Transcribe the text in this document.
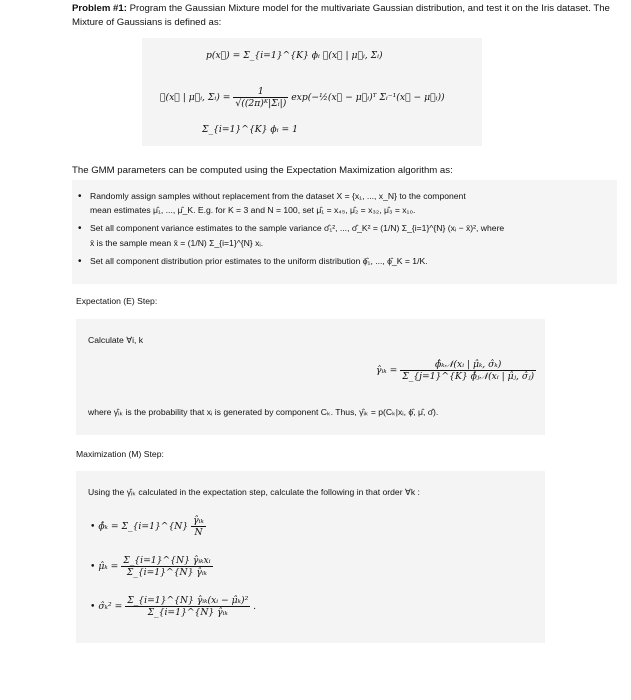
Problem #1: Program the Gaussian Mixture model for the multivariate Gaussian distribution, and test it on the Iris dataset. The Mixture of Gaussians is defined as:
p(x⃗) = Σ_{i=1}^{K} ϕᵢ 𝒩(x⃗ | μ⃗ᵢ, Σᵢ)
𝒩(x⃗ | μ⃗ᵢ, Σᵢ) = $\frac{1}{\text{√((2π)ᴷ|Σᵢ|)}}$ exp(−½(x⃗ − μ⃗ᵢ)ᵀ Σᵢ⁻¹(x⃗ − μ⃗ᵢ))
Σ_{i=1}^{K} ϕᵢ = 1
The GMM parameters can be computed using the Expectation Maximization algorithm as:
• Randomly assign samples without replacement from the dataset X = {x₁, ..., x_N} to the component
mean estimates μ̂₁, ..., μ̂_K. E.g. for K = 3 and N = 100, set μ̂₁ = x₄₅, μ̂₂ = x₃₂, μ̂₃ = x₁₀.
• Set all component variance estimates to the sample variance σ̂₁², ..., σ̂_K² = (1/N) Σ_{i=1}^{N} (xᵢ − x̄)², where
x̄ is the sample mean x̄ = (1/N) Σ_{i=1}^{N} xᵢ.
• Set all component distribution prior estimates to the uniform distribution ϕ̂₁, ..., ϕ̂_K = 1/K.
Expectation (E) Step:
Calculate ∀i, k
γ̂ᵢₖ = $\frac{\text{ϕ̂ₖ𝒩(xᵢ | μ̂ₖ, σ̂ₖ)}}{\text{Σ\_\{j=1\}\textasciicircum{}\{K\} ϕ̂ⱼ𝒩(xᵢ | μ̂ⱼ, σ̂ⱼ)}}$
where γ̂ᵢₖ is the probability that xᵢ is generated by component Cₖ. Thus, γ̂ᵢₖ = p(Cₖ|xᵢ, ϕ̂, μ̂, σ̂).
Maximization (M) Step:
Using the γ̂ᵢₖ calculated in the expectation step, calculate the following in that order ∀k :
• ϕ̂ₖ = Σ_{i=1}^{N} $\frac{\text{γ̂ᵢₖ}}{N}$
• μ̂ₖ = $\frac{\text{Σ\_\{i=1\}\textasciicircum{}\{N\} γ̂ᵢₖxᵢ}}{\text{Σ\_\{i=1\}\textasciicircum{}\{N\} γ̂ᵢₖ}}$
• σ̂ₖ² = $\frac{\text{Σ\_\{i=1\}\textasciicircum{}\{N\} γ̂ᵢₖ(xᵢ − μ̂ₖ)²}}{\text{Σ\_\{i=1\}\textasciicircum{}\{N\} γ̂ᵢₖ}}$ .
